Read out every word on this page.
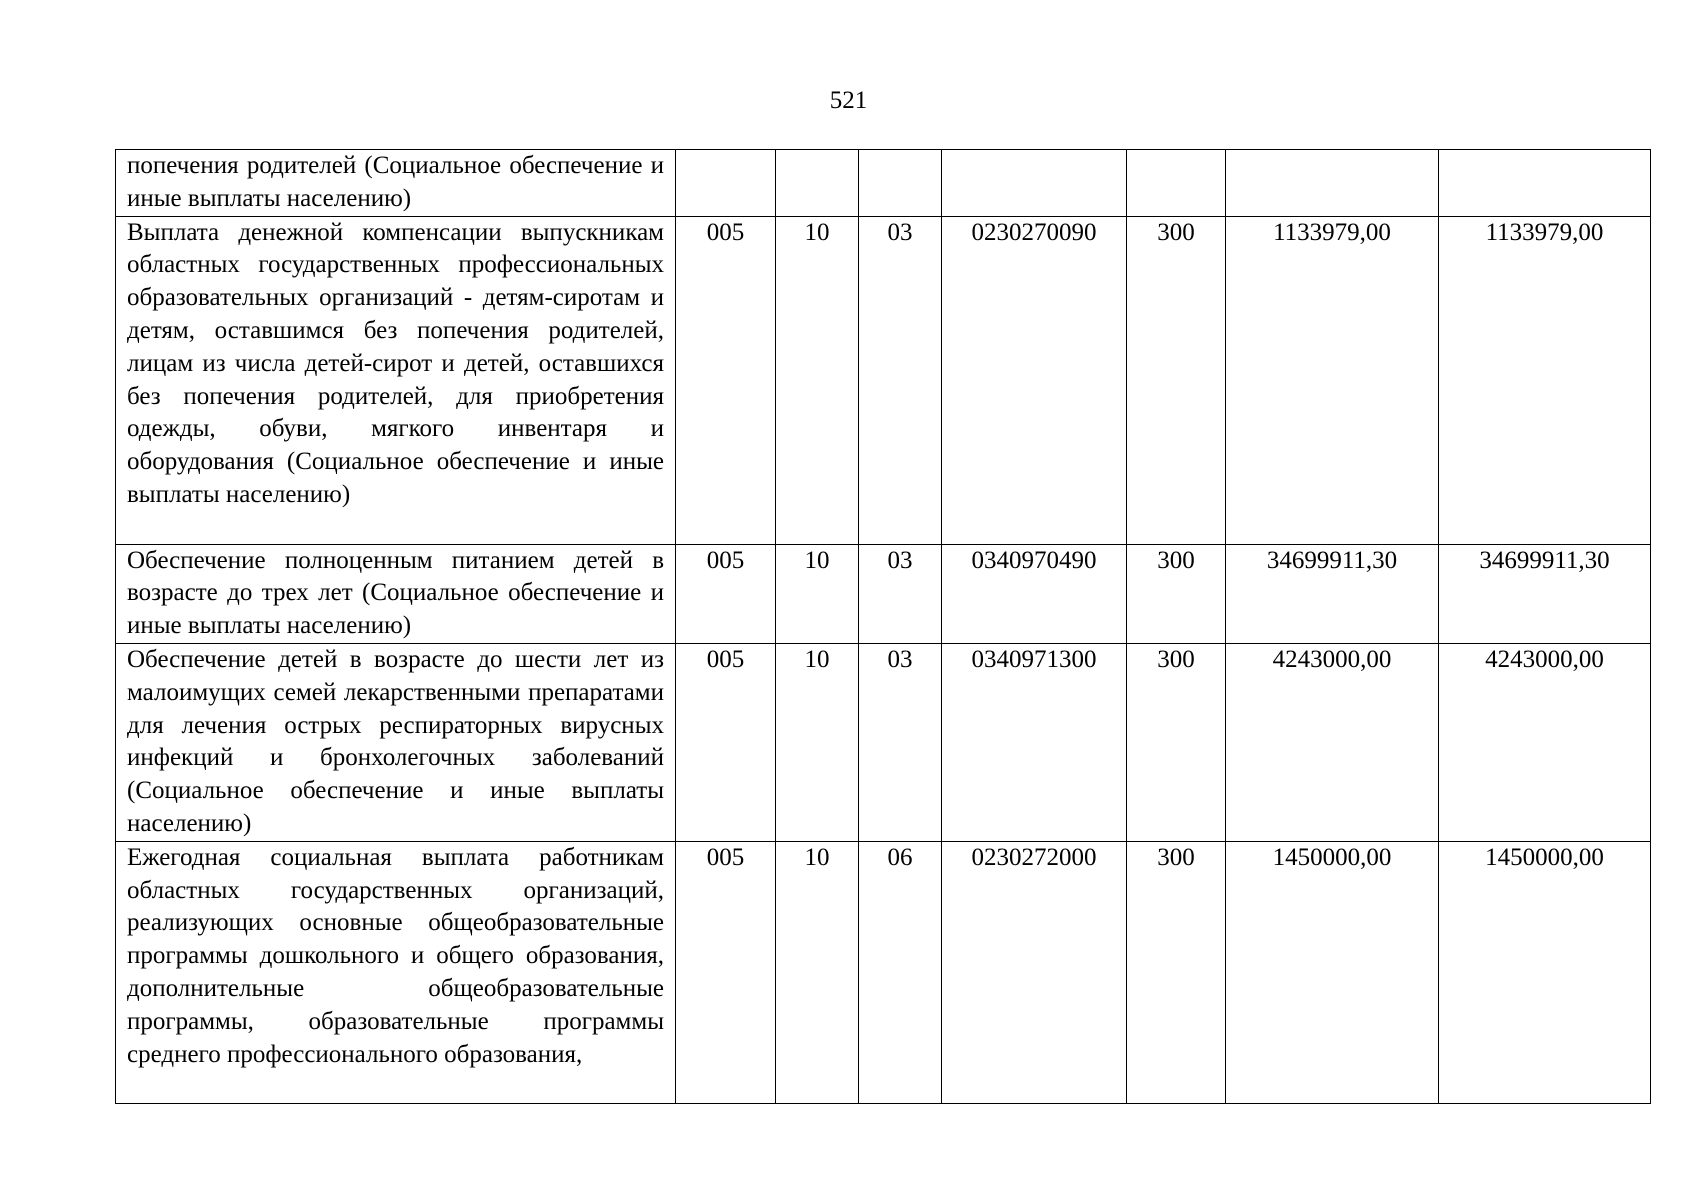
521
попечения родителей (Социальное обеспечение и иные выплаты населению)							
Выплата денежной компенсации выпускникам областных государственных профессиональных образовательных организаций - детям-сиротам и детям, оставшимся без попечения родителей, лицам из числа детей-сирот и детей, оставшихся без попечения родителей, для приобретения одежды, обуви, мягкого инвентаря и оборудования (Социальное обеспечение и иные выплаты населению)	005	10	03	0230270090	300	1133979,00	1133979,00
Обеспечение полноценным питанием детей в возрасте до трех лет (Социальное обеспечение и иные выплаты населению)	005	10	03	0340970490	300	34699911,30	34699911,30
Обеспечение детей в возрасте до шести лет из малоимущих семей лекарственными препаратами для лечения острых респираторных вирусных инфекций и бронхолегочных заболеваний (Социальное обеспечение и иные выплаты населению)	005	10	03	0340971300	300	4243000,00	4243000,00
Ежегодная социальная выплата работникам областных государственных организаций, реализующих основные общеобразовательные программы дошкольного и общего образования, дополнительные общеобразовательные программы, образовательные программы среднего профессионального образования,	005	10	06	0230272000	300	1450000,00	1450000,00
